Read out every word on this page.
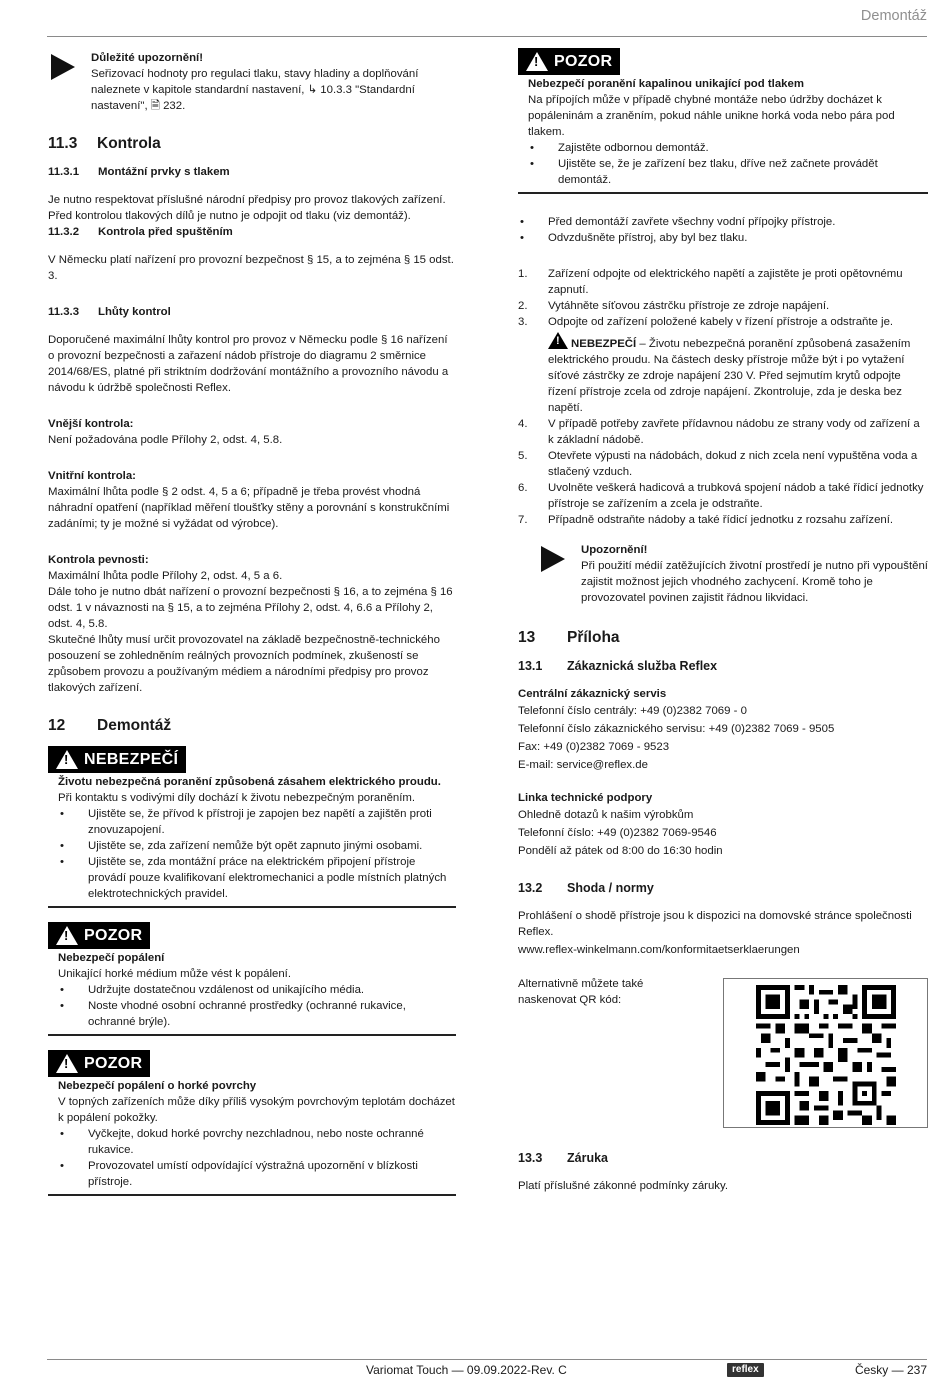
Demontáž

Důležité upozornění!

Seřizovací hodnoty pro regulaci tlaku, stavy hladiny a doplňování naleznete v kapitole standardní nastavení, ↳ 10.3.3 "Standardní nastavení", 🗎 232.

11.3	Kontrola
11.3.1	Montážní prvky s tlakem

Je nutno respektovat příslušné národní předpisy pro provoz tlakových zařízení. Před kontrolou tlakových dílů je nutno je odpojit od tlaku (viz demontáž).

11.3.2	Kontrola před spuštěním

V Německu platí nařízení pro provozní bezpečnost § 15, a to zejména § 15 odst. 3.

11.3.3	Lhůty kontrol

Doporučené maximální lhůty kontrol pro provoz v Německu podle § 16 nařízení o provozní bezpečnosti a zařazení nádob přístroje do diagramu 2 směrnice 2014/68/ES, platné při striktním dodržování montážního a provozního návodu a návodu k údržbě společnosti Reflex.

Vnější kontrola:

Není požadována podle Přílohy 2, odst. 4, 5.8.

Vnitřní kontrola:

Maximální lhůta podle § 2 odst. 4, 5 a 6; případně je třeba provést vhodná náhradní opatření (například měření tloušťky stěny a porovnání s konstrukčními zadáními; ty je možné si vyžádat od výrobce).

Kontrola pevnosti:

Maximální lhůta podle Přílohy 2, odst. 4, 5 a 6.

Dále toho je nutno dbát nařízení o provozní bezpečnosti § 16, a to zejména § 16 odst. 1 v návaznosti na § 15, a to zejména Přílohy 2, odst. 4, 6.6 a Přílohy 2, odst. 4, 5.8.

Skutečné lhůty musí určit provozovatel na základě bezpečnostně-technického posouzení se zohledněním reálných provozních podmínek, zkušeností se způsobem provozu a používaným médiem a národními předpisy pro provoz tlakových zařízení.

12	Demontáž
!
NEBEZPEČÍ

Životu nebezpečná poranění způsobená zásahem elektrického proudu.

Při kontaktu s vodivými díly dochází k životu nebezpečným poraněním.

•	Ujistěte se, že přívod k přístroji je zapojen bez napětí a zajištěn proti znovuzapojení.
•	Ujistěte se, zda zařízení nemůže být opět zapnuto jinými osobami.
•	Ujistěte se, zda montážní práce na elektrickém připojení přístroje provádí pouze kvalifikovaní elektromechanici a podle místních platných elektrotechnických pravidel.
!
POZOR

Nebezpečí popálení

Unikající horké médium může vést k popálení.

•	Udržujte dostatečnou vzdálenost od unikajícího média.
•	Noste vhodné osobní ochranné prostředky (ochranné rukavice, ochranné brýle).
!
POZOR

Nebezpečí popálení o horké povrchy

V topných zařízeních může díky příliš vysokým povrchovým teplotám docházet k popálení pokožky.

•	Vyčkejte, dokud horké povrchy nezchladnou, nebo noste ochranné rukavice.
•	Provozovatel umístí odpovídající výstražná upozornění v blízkosti přístroje.
!
POZOR

Nebezpečí poranění kapalinou unikající pod tlakem

Na přípojích může v případě chybné montáže nebo údržby docházet k popáleninám a zraněním, pokud náhle unikne horká voda nebo pára pod tlakem.

•	Zajistěte odbornou demontáž.
•	Ujistěte se, že je zařízení bez tlaku, dříve než začnete provádět demontáž.
•	Před demontáží zavřete všechny vodní přípojky přístroje.
•	Odvzdušněte přístroj, aby byl bez tlaku.
1.	Zařízení odpojte od elektrického napětí a zajistěte je proti opětovnému zapnutí.
2.	Vytáhněte síťovou zástrčku přístroje ze zdroje napájení.
3.	Odpojte od zařízení položené kabely v řízení přístroje a odstraňte je.

!NEBEZPEČÍ – Životu nebezpečná poranění způsobená zasažením elektrického proudu. Na částech desky přístroje může být i po vytažení síťové zástrčky ze zdroje napájení 230 V. Před sejmutím krytů odpojte řízení přístroje zcela od zdroje napájení. Zkontroluje, zda je deska bez napětí.

4.	V případě potřeby zavřete přídavnou nádobu ze strany vody od zařízení a k základní nádobě.
5.	Otevřete výpusti na nádobách, dokud z nich zcela není vypuštěna voda a stlačený vzduch.
6.	Uvolněte veškerá hadicová a trubková spojení nádob a také řídicí jednotky přístroje se zařízením a zcela je odstraňte.
7.	Případně odstraňte nádoby a také řídicí jednotku z rozsahu zařízení.

Upozornění!

Při použití médií zatěžujících životní prostředí je nutno při vypouštění zajistit možnost jejich vhodného zachycení. Kromě toho je provozovatel povinen zajistit řádnou likvidaci.

13	Příloha
13.1	Zákaznická služba Reflex

Centrální zákaznický servis

Telefonní číslo centrály: +49 (0)2382 7069 - 0

Telefonní číslo zákaznického servisu: +49 (0)2382 7069 - 9505

Fax: +49 (0)2382 7069 - 9523

E-mail: service@reflex.de

Linka technické podpory

Ohledně dotazů k našim výrobkům

Telefonní číslo: +49 (0)2382 7069-9546

Pondělí až pátek od 8:00 do 16:30 hodin

13.2	Shoda / normy

Prohlášení o shodě přístroje jsou k dispozici na domovské stránce společnosti Reflex.

www.reflex-winkelmann.com/konformitaetserklaerungen

Alternativně můžete také naskenovat QR kód:

13.3	Záruka

Platí příslušné zákonné podmínky záruky.

Variomat Touch — 09.09.2022-Rev. C	reflex	Česky — 237
